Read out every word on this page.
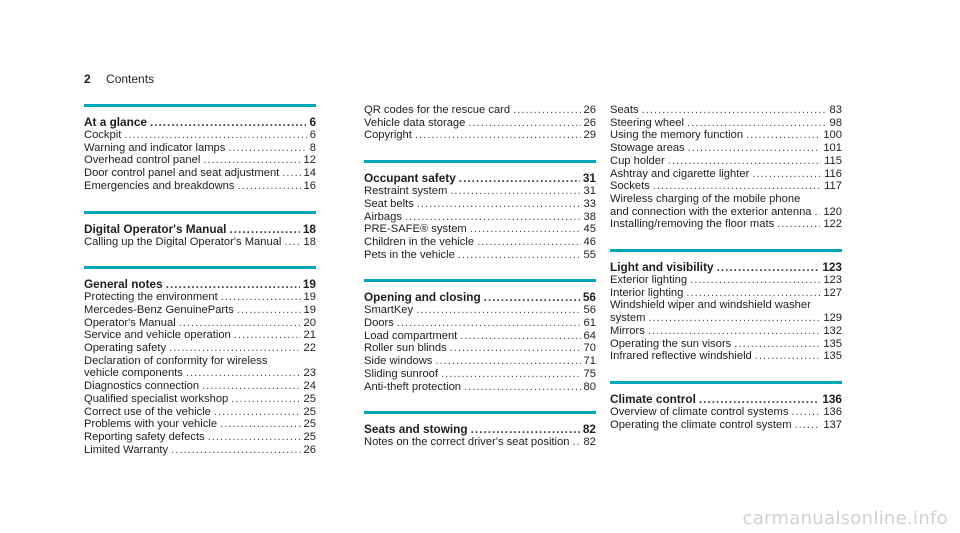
2 Contents
At a glance .....	6
Cockpit .....	6
Warning and indicator lamps .....	8
Overhead control panel .....	12
Door control panel and seat adjustment ..... 14
Emergencies and breakdowns .....	16
Digital Operator's Manual .....	18
Calling up the Digital Operator's Manual ..... 18
General notes .....	19
Protecting the environment .....	19
Mercedes-Benz GenuineParts .....	19
Operator's Manual .....	20
Service and vehicle operation .....	21
Operating safety .....	22
Declaration of conformity for wireless
vehicle components .....	23
Diagnostics connection .....	24
Qualified specialist workshop .....	25
Correct use of the vehicle .....	25
Problems with your vehicle .....	25
Reporting safety defects .....	25
Limited Warranty .....	26
QR codes for the rescue card .....	26
Vehicle data storage .....	26
Copyright .....	29
Occupant safety .....	31
Restraint system .....	31
Seat belts .....	33
Airbags .....	38
PRE-SAFE® system .....	45
Children in the vehicle .....	46
Pets in the vehicle .....	55
Opening and closing .....	56
SmartKey .....	56
Doors .....	61
Load compartment .....	64
Roller sun blinds .....	70
Side windows .....	71
Sliding sunroof .....	75
Anti-theft protection .....	80
Seats and stowing .....	82
Notes on the correct driver's seat position ..... 82
Seats .....	83
Steering wheel .....	98
Using the memory function .....	100
Stowage areas .....	101
Cup holder .....	115
Ashtray and cigarette lighter .....	116
Sockets .....	117
Wireless charging of the mobile phone
and connection with the exterior antenna ..... 120
Installing/removing the floor mats .....	122
Light and visibility .....	123
Exterior lighting .....	123
Interior lighting .....	127
Windshield wiper and windshield washer
system .....	129
Mirrors .....	132
Operating the sun visors .....	135
Infrared reflective windshield .....	135
Climate control .....	136
Overview of climate control systems .....	136
Operating the climate control system .....	137
carmanualsonline.info
